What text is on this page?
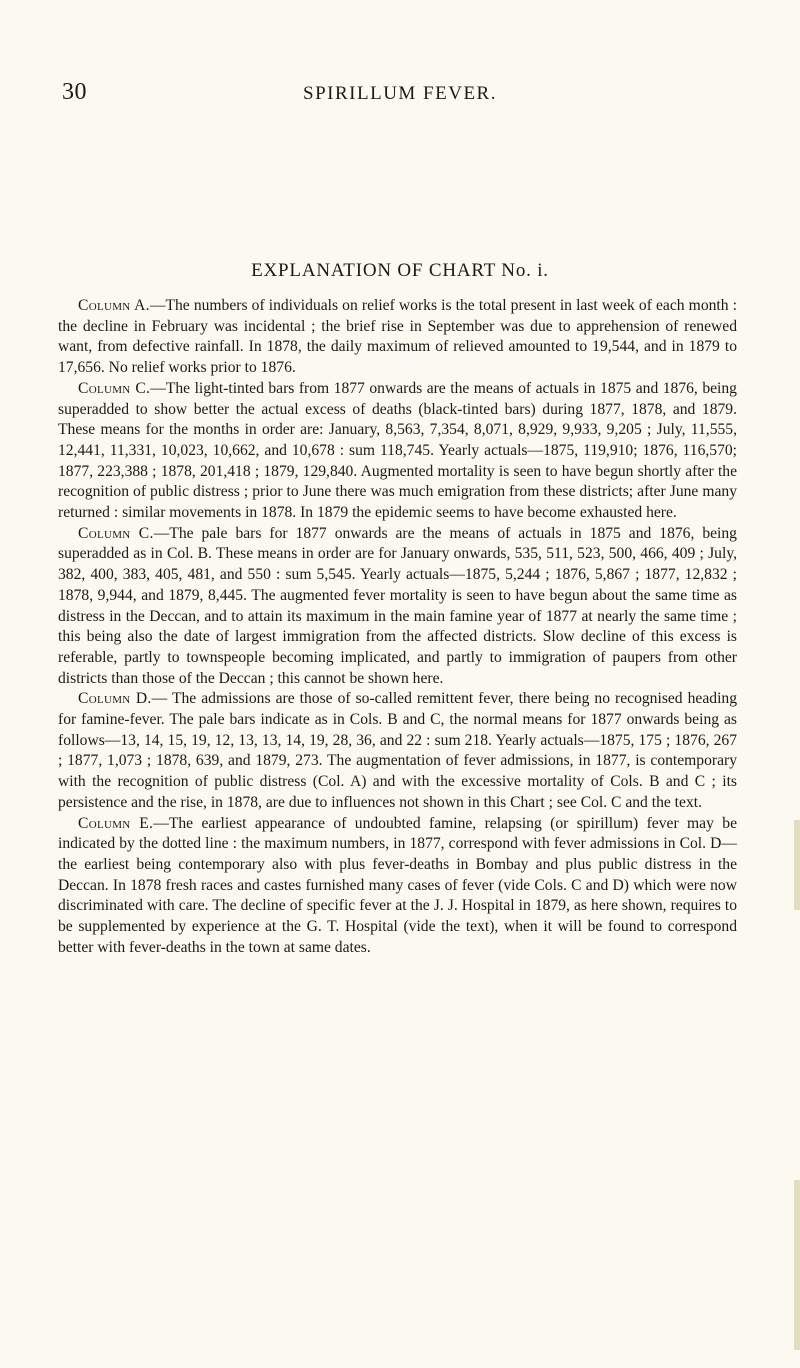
30	SPIRILLUM FEVER.
EXPLANATION OF CHART No. i.

Column A.—The numbers of individuals on relief works is the total present in last week of each month : the decline in February was incidental ; the brief rise in September was due to apprehension of renewed want, from defective rainfall. In 1878, the daily maximum of relieved amounted to 19,544, and in 1879 to 17,656. No relief works prior to 1876.

Column C.—The light-tinted bars from 1877 onwards are the means of actuals in 1875 and 1876, being superadded to show better the actual excess of deaths (black-tinted bars) during 1877, 1878, and 1879. These means for the months in order are: January, 8,563, 7,354, 8,071, 8,929, 9,933, 9,205 ; July, 11,555, 12,441, 11,331, 10,023, 10,662, and 10,678 : sum 118,745. Yearly actuals—1875, 119,910; 1876, 116,570; 1877, 223,388 ; 1878, 201,418 ; 1879, 129,840. Augmented mortality is seen to have begun shortly after the recognition of public distress ; prior to June there was much emigration from these districts; after June many returned : similar movements in 1878. In 1879 the epidemic seems to have become exhausted here.

Column C.—The pale bars for 1877 onwards are the means of actuals in 1875 and 1876, being superadded as in Col. B. These means in order are for January onwards, 535, 511, 523, 500, 466, 409 ; July, 382, 400, 383, 405, 481, and 550 : sum 5,545. Yearly actuals—1875, 5,244 ; 1876, 5,867 ; 1877, 12,832 ; 1878, 9,944, and 1879, 8,445. The augmented fever mortality is seen to have begun about the same time as distress in the Deccan, and to attain its maximum in the main famine year of 1877 at nearly the same time ; this being also the date of largest immigration from the affected districts. Slow decline of this excess is referable, partly to townspeople becoming implicated, and partly to immigration of paupers from other districts than those of the Deccan ; this cannot be shown here.

Column D.— The admissions are those of so-called remittent fever, there being no recognised heading for famine-fever. The pale bars indicate as in Cols. B and C, the normal means for 1877 onwards being as follows—13, 14, 15, 19, 12, 13, 13, 14, 19, 28, 36, and 22 : sum 218. Yearly actuals—1875, 175 ; 1876, 267 ; 1877, 1,073 ; 1878, 639, and 1879, 273. The augmentation of fever admissions, in 1877, is contemporary with the recognition of public distress (Col. A) and with the excessive mortality of Cols. B and C ; its persistence and the rise, in 1878, are due to influences not shown in this Chart ; see Col. C and the text.

Column E.—The earliest appearance of undoubted famine, relapsing (or spirillum) fever may be indicated by the dotted line : the maximum numbers, in 1877, correspond with fever admissions in Col. D—the earliest being contemporary also with plus fever-deaths in Bombay and plus public distress in the Deccan. In 1878 fresh races and castes furnished many cases of fever (vide Cols. C and D) which were now discriminated with care. The decline of specific fever at the J. J. Hospital in 1879, as here shown, requires to be supplemented by experience at the G. T. Hospital (vide the text), when it will be found to correspond better with fever-deaths in the town at same dates.
